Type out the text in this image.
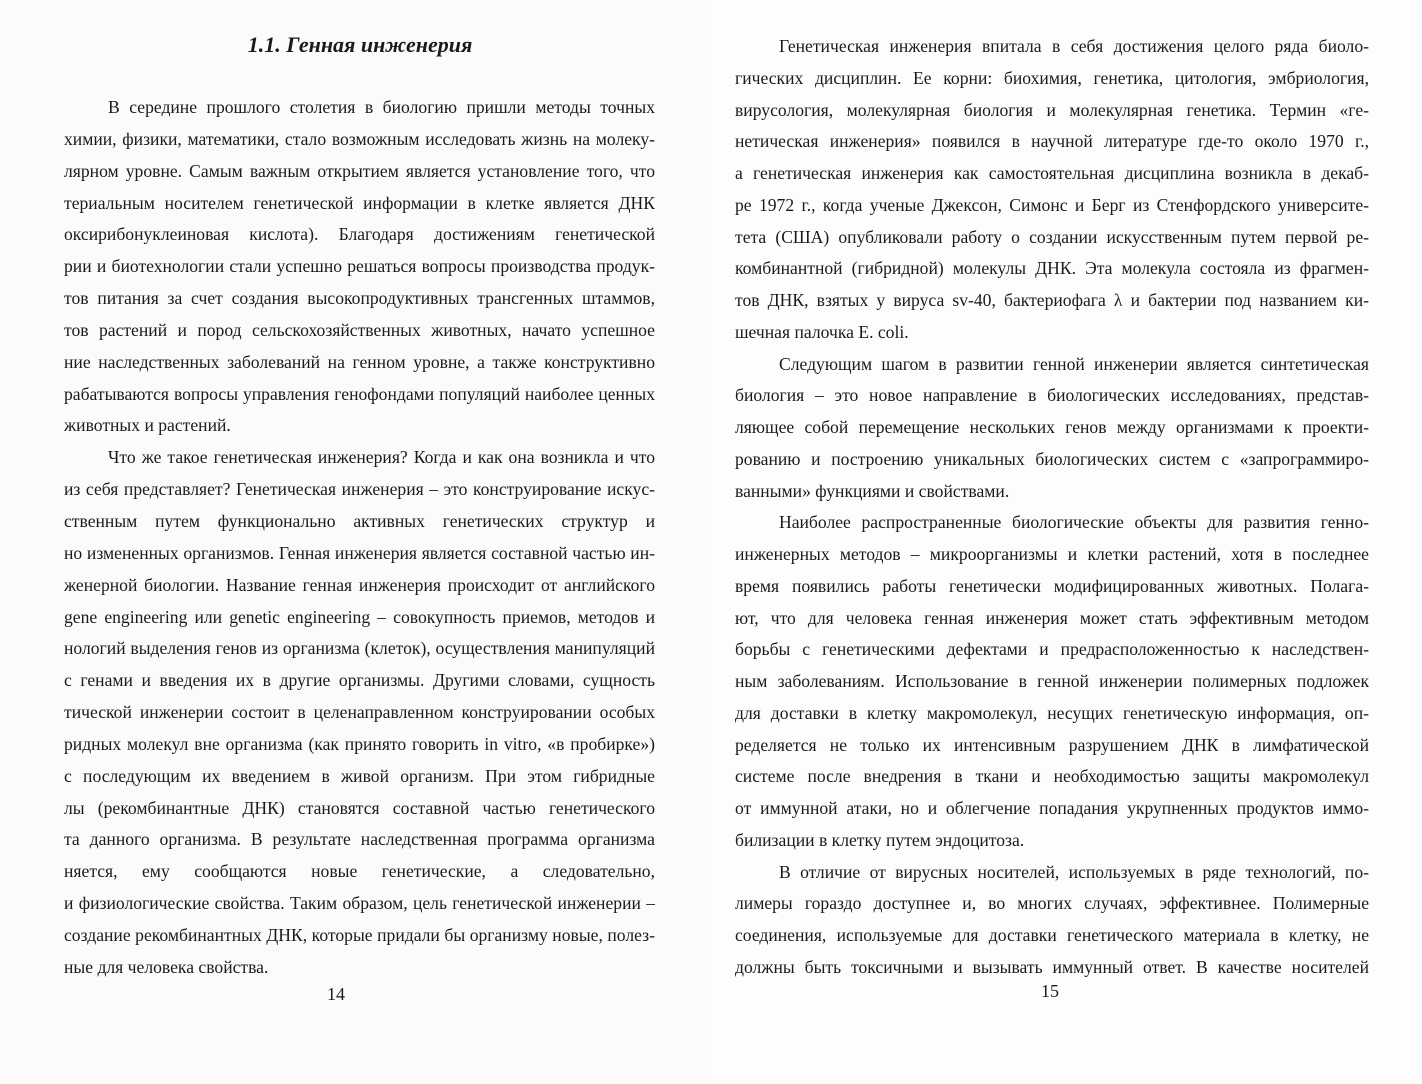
1.1. Генная инженерия
В середине прошлого столетия в биологию пришли методы точных
химии, физики, математики, стало возможным исследовать жизнь на молеку-
лярном уровне. Самым важным открытием является установление того, что
териальным носителем генетической информации в клетке является ДНК
оксирибонуклеиновая кислота). Благодаря достижениям генетической
рии и биотехнологии стали успешно решаться вопросы производства продук-
тов питания за счет создания высокопродуктивных трансгенных штаммов,
тов растений и пород сельскохозяйственных животных, начато успешное
ние наследственных заболеваний на генном уровне, а также конструктивно
рабатываются вопросы управления генофондами популяций наиболее ценных
животных и растений.
Что же такое генетическая инженерия? Когда и как она возникла и что
из себя представляет? Генетическая инженерия – это конструирование искус-
ственным путем функционально активных генетических структур и
но измененных организмов. Генная инженерия является составной частью ин-
женерной биологии. Название генная инженерия происходит от английского
gene engineering или genetic engineering – совокупность приемов, методов и
нологий выделения генов из организма (клеток), осуществления манипуляций
с генами и введения их в другие организмы. Другими словами, сущность
тической инженерии состоит в целенаправленном конструировании особых
ридных молекул вне организма (как принято говорить in vitro, «в пробирке»)
с последующим их введением в живой организм. При этом гибридные
лы (рекомбинантные ДНК) становятся составной частью генетического
та данного организма. В результате наследственная программа организма
няется, ему сообщаются новые генетические, а следовательно,
и физиологические свойства. Таким образом, цель генетической инженерии –
создание рекомбинантных ДНК, которые придали бы организму новые, полез-
ные для человека свойства.
14
Генетическая инженерия впитала в себя достижения целого ряда биоло-
гических дисциплин. Ее корни: биохимия, генетика, цитология, эмбриология,
вирусология, молекулярная биология и молекулярная генетика. Термин «ге-
нетическая инженерия» появился в научной литературе где-то около 1970 г.,
а генетическая инженерия как самостоятельная дисциплина возникла в декаб-
ре 1972 г., когда ученые Джексон, Симонс и Берг из Стенфордского университе-
тета (США) опубликовали работу о создании искусственным путем первой ре-
комбинантной (гибридной) молекулы ДНК. Эта молекула состояла из фрагмен-
тов ДНК, взятых у вируса sv-40, бактериофага λ и бактерии под названием ки-
шечная палочка E. coli.
Следующим шагом в развитии генной инженерии является синтетическая
биология – это новое направление в биологических исследованиях, представ-
ляющее собой перемещение нескольких генов между организмами к проекти-
рованию и построению уникальных биологических систем с «запрограммиро-
ванными» функциями и свойствами.
Наиболее распространенные биологические объекты для развития генно-
инженерных методов – микроорганизмы и клетки растений, хотя в последнее
время появились работы генетически модифицированных животных. Полага-
ют, что для человека генная инженерия может стать эффективным методом
борьбы с генетическими дефектами и предрасположенностью к наследствен-
ным заболеваниям. Использование в генной инженерии полимерных подложек
для доставки в клетку макромолекул, несущих генетическую информация, оп-
ределяется не только их интенсивным разрушением ДНК в лимфатической
системе после внедрения в ткани и необходимостью защиты макромолекул
от иммунной атаки, но и облегчение попадания укрупненных продуктов иммо-
билизации в клетку путем эндоцитоза.
В отличие от вирусных носителей, используемых в ряде технологий, по-
лимеры гораздо доступнее и, во многих случаях, эффективнее. Полимерные
соединения, используемые для доставки генетического материала в клетку, не
должны быть токсичными и вызывать иммунный ответ. В качестве носителей
15
